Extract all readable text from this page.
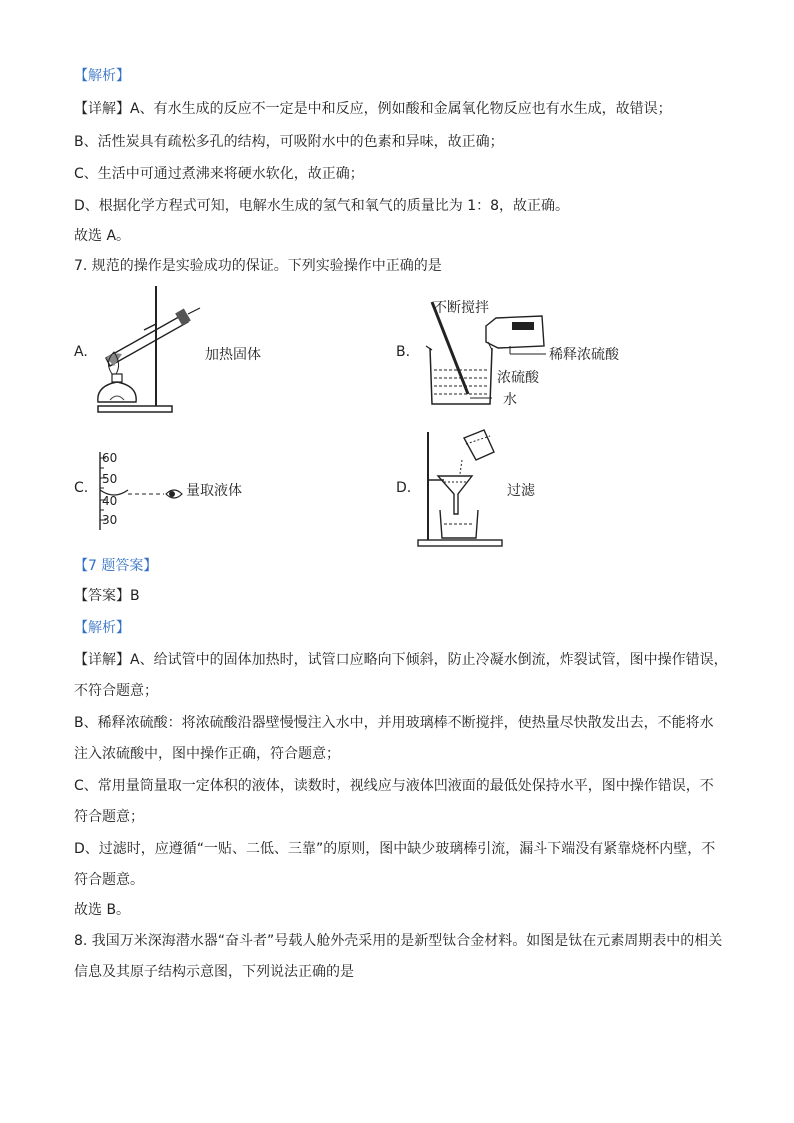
【解析】
【详解】A、有水生成的反应不一定是中和反应，例如酸和金属氧化物反应也有水生成，故错误；
B、活性炭具有疏松多孔的结构，可吸附水中的色素和异味，故正确；
C、生活中可通过煮沸来将硬水软化，故正确；
D、根据化学方程式可知，电解水生成的氢气和氧气的质量比为 1：8，故正确。
故选 A。
7. 规范的操作是实验成功的保证。下列实验操作中正确的是
A.	加热固体	B.
不断搅拌
稀释浓硫酸
浓硫酸
水
C.
60
50
40
30
量取液体	D.	过滤
【7 题答案】
【答案】B
【解析】
【详解】A、给试管中的固体加热时，试管口应略向下倾斜，防止冷凝水倒流，炸裂试管，图中操作错误，
不符合题意；
B、稀释浓硫酸：将浓硫酸沿器壁慢慢注入水中，并用玻璃棒不断搅拌，使热量尽快散发出去，不能将水
注入浓硫酸中，图中操作正确，符合题意；
C、常用量筒量取一定体积的液体，读数时，视线应与液体凹液面的最低处保持水平，图中操作错误，不
符合题意；
D、过滤时，应遵循“一贴、二低、三靠”的原则，图中缺少玻璃棒引流，漏斗下端没有紧靠烧杯内壁，不
符合题意。
故选 B。
8. 我国万米深海潜水器“奋斗者”号载人舱外壳采用的是新型钛合金材料。如图是钛在元素周期表中的相关
信息及其原子结构示意图，下列说法正确的是
